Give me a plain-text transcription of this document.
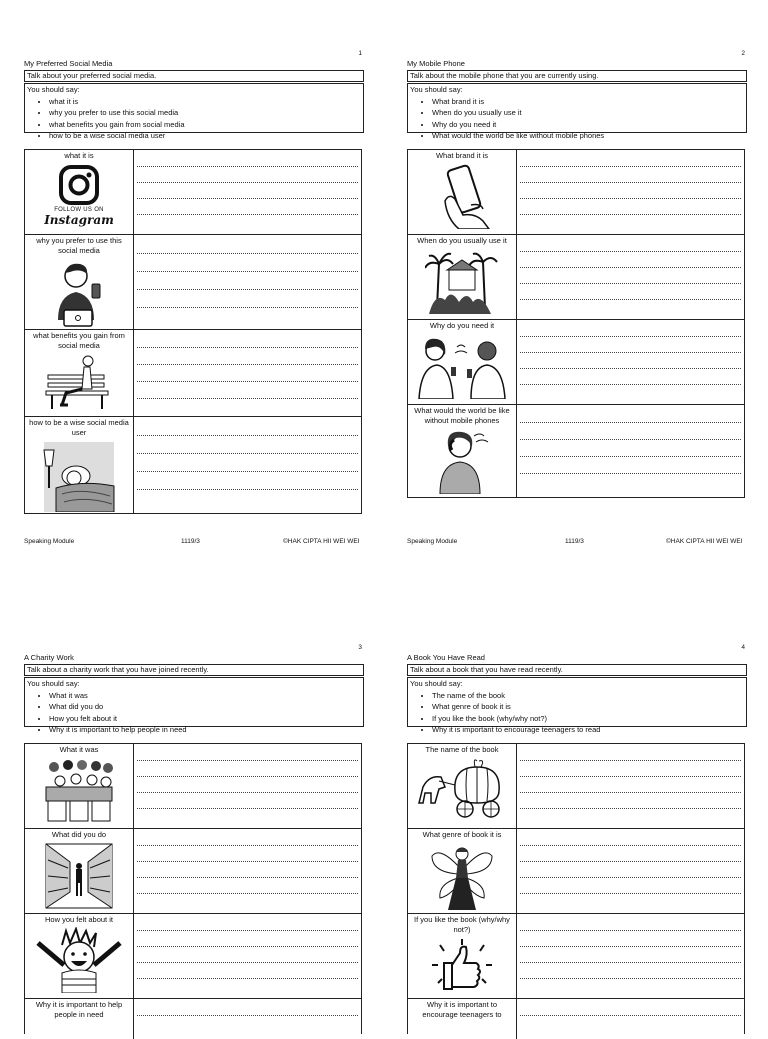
1
My Preferred Social Media
Talk about your preferred social media.
You should say:
• what it is
• why you prefer to use this social media
• what benefits you gain from social media
• how to be a wise social media user
what it is
FOLLOW US ON
Instagram
why you prefer to use this social media
what benefits you gain from social media
how to be a wise social media user
2
My Mobile Phone
Talk about the mobile phone that you are currently using.
You should say:
• What brand it is
• When do you usually use it
• Why do you need it
• What would the world be like without mobile phones
What brand it is
When do you usually use it
Why do you need it
What would the world be like without mobile phones
Speaking Module	1119/3	©HAK CIPTA HII WEI WEI	Speaking Module	1119/3	©HAK CIPTA HII WEI WEI
3
A Charity Work
Talk about a charity work that you have joined recently.
You should say:
• What it was
• What did you do
• How you felt about it
• Why it is important to help people in need
What it was
What did you do
How you felt about it
Why it is important to help people in need
4
A Book You Have Read
Talk about a book that you have read recently.
You should say:
• The name of the book
• What genre of book it is
• If you like the book (why/why not?)
• Why it is important to encourage teenagers to read
The name of the book
What genre of book it is
If you like the book (why/why not?)
Why it is important to encourage teenagers to
